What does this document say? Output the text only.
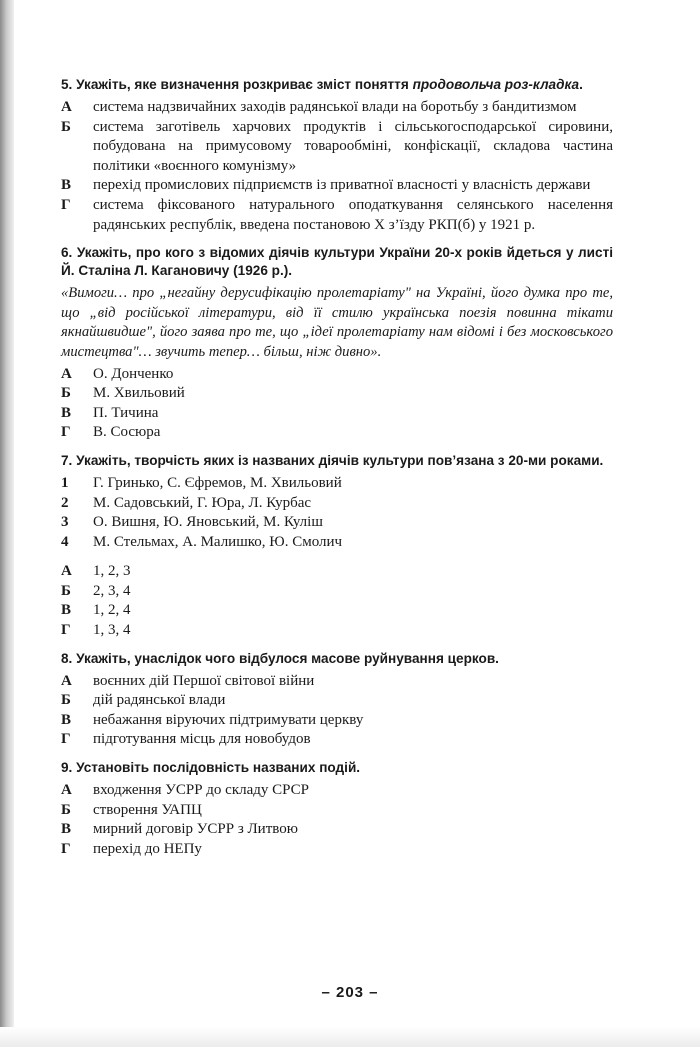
5. Укажіть, яке визначення розкриває зміст поняття продовольча роз-кладка.

А	система надзвичайних заходів радянської влади на боротьбу з бандитизмом
Б	система заготівель харчових продуктів і сільськогосподарської сировини, побудована на примусовому товарообміні, конфіскації, складова частина політики «воєнного комунізму»
В	перехід промислових підприємств із приватної власності у власність держави
Г	система фіксованого натурального оподаткування селянського населення радянських республік, введена постановою X з’їзду РКП(б) у 1921 р.

6. Укажіть, про кого з відомих діячів культури України 20-х років йдеться у листі Й. Сталіна Л. Кагановичу (1926 р.).

«Вимоги… про „негайну дерусифікацію пролетаріату" на Україні, його думка про те, що „від російської літератури, від її стилю українська поезія повинна тікати якнайшвидше", його заява про те, що „ідеї пролетаріату нам відомі і без московського мистецтва"… звучить тепер… більш, ніж дивно».

А	О. Донченко
Б	М. Хвильовий
В	П. Тичина
Г	В. Сосюра

7. Укажіть, творчість яких із названих діячів культури пов’язана з 20-ми роками.

1	Г. Гринько, С. Єфремов, М. Хвильовий
2	М. Садовський, Г. Юра, Л. Курбас
3	О. Вишня, Ю. Яновський, М. Куліш
4	М. Стельмах, А. Малишко, Ю. Смолич
А	1, 2, 3
Б	2, 3, 4
В	1, 2, 4
Г	1, 3, 4

8. Укажіть, унаслідок чого відбулося масове руйнування церков.

А	воєнних дій Першої світової війни
Б	дій радянської влади
В	небажання віруючих підтримувати церкву
Г	підготування місць для новобудов

9. Установіть послідовність названих подій.

А	входження УСРР до складу СРСР
Б	створення УАПЦ
В	мирний договір УСРР з Литвою
Г	перехід до НЕПу
– 203 –
